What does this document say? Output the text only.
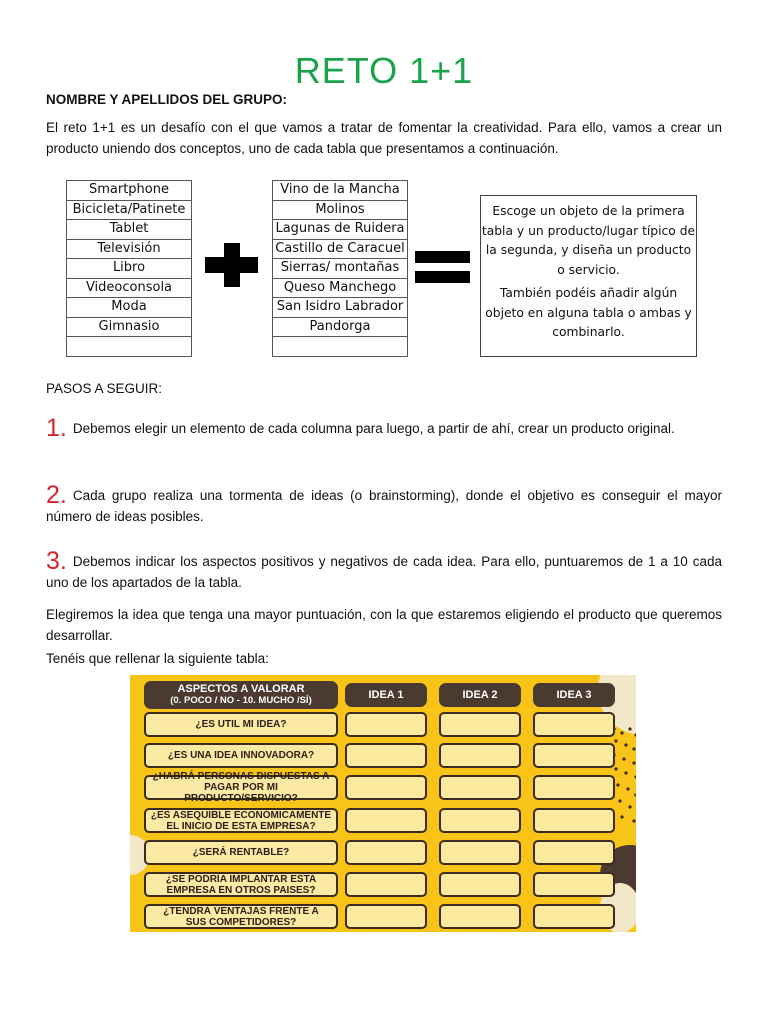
RETO 1+1
NOMBRE Y APELLIDOS DEL GRUPO:
El reto 1+1 es un desafío con el que vamos a tratar de fomentar la creatividad. Para ello, vamos a crear un producto uniendo dos conceptos, uno de cada tabla que presentamos a continuación.
Smartphone
Bicicleta/Patinete
Tablet
Televisión
Libro
Videoconsola
Moda
Gimnasio

Vino de la Mancha
Molinos
Lagunas de Ruidera
Castillo de Caracuel
Sierras/ montañas
Queso Manchego
San Isidro Labrador
Pandorga

Escoge un objeto de la primera tabla y un producto/lugar típico de la segunda, y diseña un producto o servicio.

También podéis añadir algún objeto en alguna tabla o ambas y combinarlo.

PASOS A SEGUIR:
1. Debemos elegir un elemento de cada columna para luego, a partir de ahí, crear un producto original.
2. Cada grupo realiza una tormenta de ideas (o brainstorming), donde el objetivo es conseguir el mayor número de ideas posibles.
3. Debemos indicar los aspectos positivos y negativos de cada idea. Para ello, puntuaremos de 1 a 10 cada uno de los apartados de la tabla.
Elegiremos la idea que tenga una mayor puntuación, con la que estaremos eligiendo el producto que queremos desarrollar.
Tenéis que rellenar la siguiente tabla:
ASPECTOS A VALORAR
(0. POCO / NO - 10. MUCHO /SÍ)	IDEA 1	IDEA 2	IDEA 3
¿ES UTIL MI IDEA?
¿ES UNA IDEA INNOVADORA?
¿HABRÁ PERSONAS DISPUESTAS A
PAGAR POR MI PRODUCTO/SERVICIO?
¿ES ASEQUIBLE ECONÓMICAMENTE
EL INICIO DE ESTA EMPRESA?
¿SERÁ RENTABLE?
¿SE PODRÍA IMPLANTAR ESTA
EMPRESA EN OTROS PAISES?
¿TENDRÁ VENTAJAS FRENTE A
SUS COMPETIDORES?
